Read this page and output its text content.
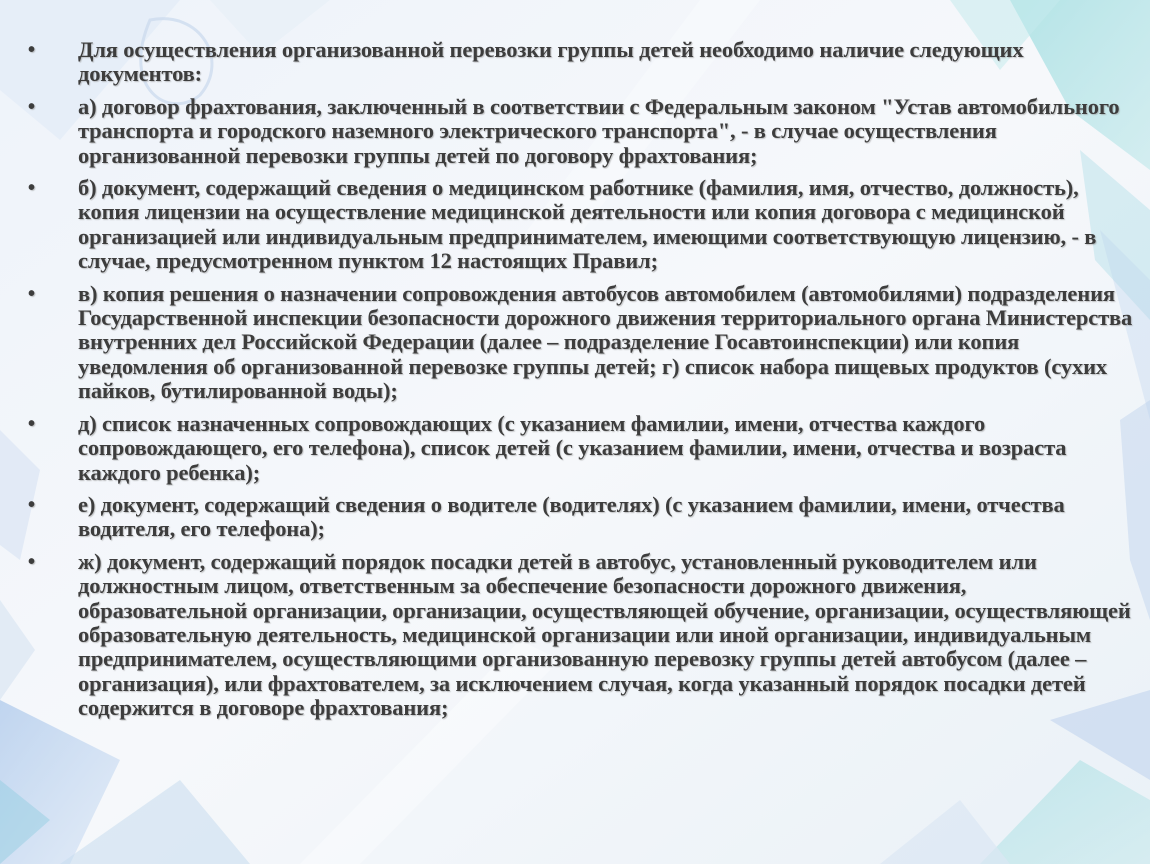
•	Для осуществления организованной перевозки группы детей необходимо наличие следующих документов:
•	а) договор фрахтования, заключенный в соответствии с Федеральным законом "Устав автомобильного транспорта и городского наземного электрического транспорта", - в случае осуществления организованной перевозки группы детей по договору фрахтования;
•	б) документ, содержащий сведения о медицинском работнике (фамилия, имя, отчество, должность), копия лицензии на осуществление медицинской деятельности или копия договора с медицинской организацией или индивидуальным предпринимателем, имеющими соответствующую лицензию, - в случае, предусмотренном пунктом 12 настоящих Правил;
•	в) копия решения о назначении сопровождения автобусов автомобилем (автомобилями) подразделения Государственной инспекции безопасности дорожного движения территориального органа Министерства внутренних дел Российской Федерации (далее – подразделение Госавтоинспекции) или копия уведомления об организованной перевозке группы детей; г) список набора пищевых продуктов (сухих пайков, бутилированной воды);
•	д) список назначенных сопровождающих (с указанием фамилии, имени, отчества каждого сопровождающего, его телефона), список детей (с указанием фамилии, имени, отчества и возраста каждого ребенка);
•	е) документ, содержащий сведения о водителе (водителях) (с указанием фамилии, имени, отчества водителя, его телефона);
•	ж) документ, содержащий порядок посадки детей в автобус, установленный руководителем или должностным лицом, ответственным за обеспечение безопасности дорожного движения, образовательной организации, организации, осуществляющей обучение, организации, осуществляющей образовательную деятельность, медицинской организации или иной организации, индивидуальным предпринимателем, осуществляющими организованную перевозку группы детей автобусом (далее – организация), или фрахтователем, за исключением случая, когда указанный порядок посадки детей содержится в договоре фрахтования;
